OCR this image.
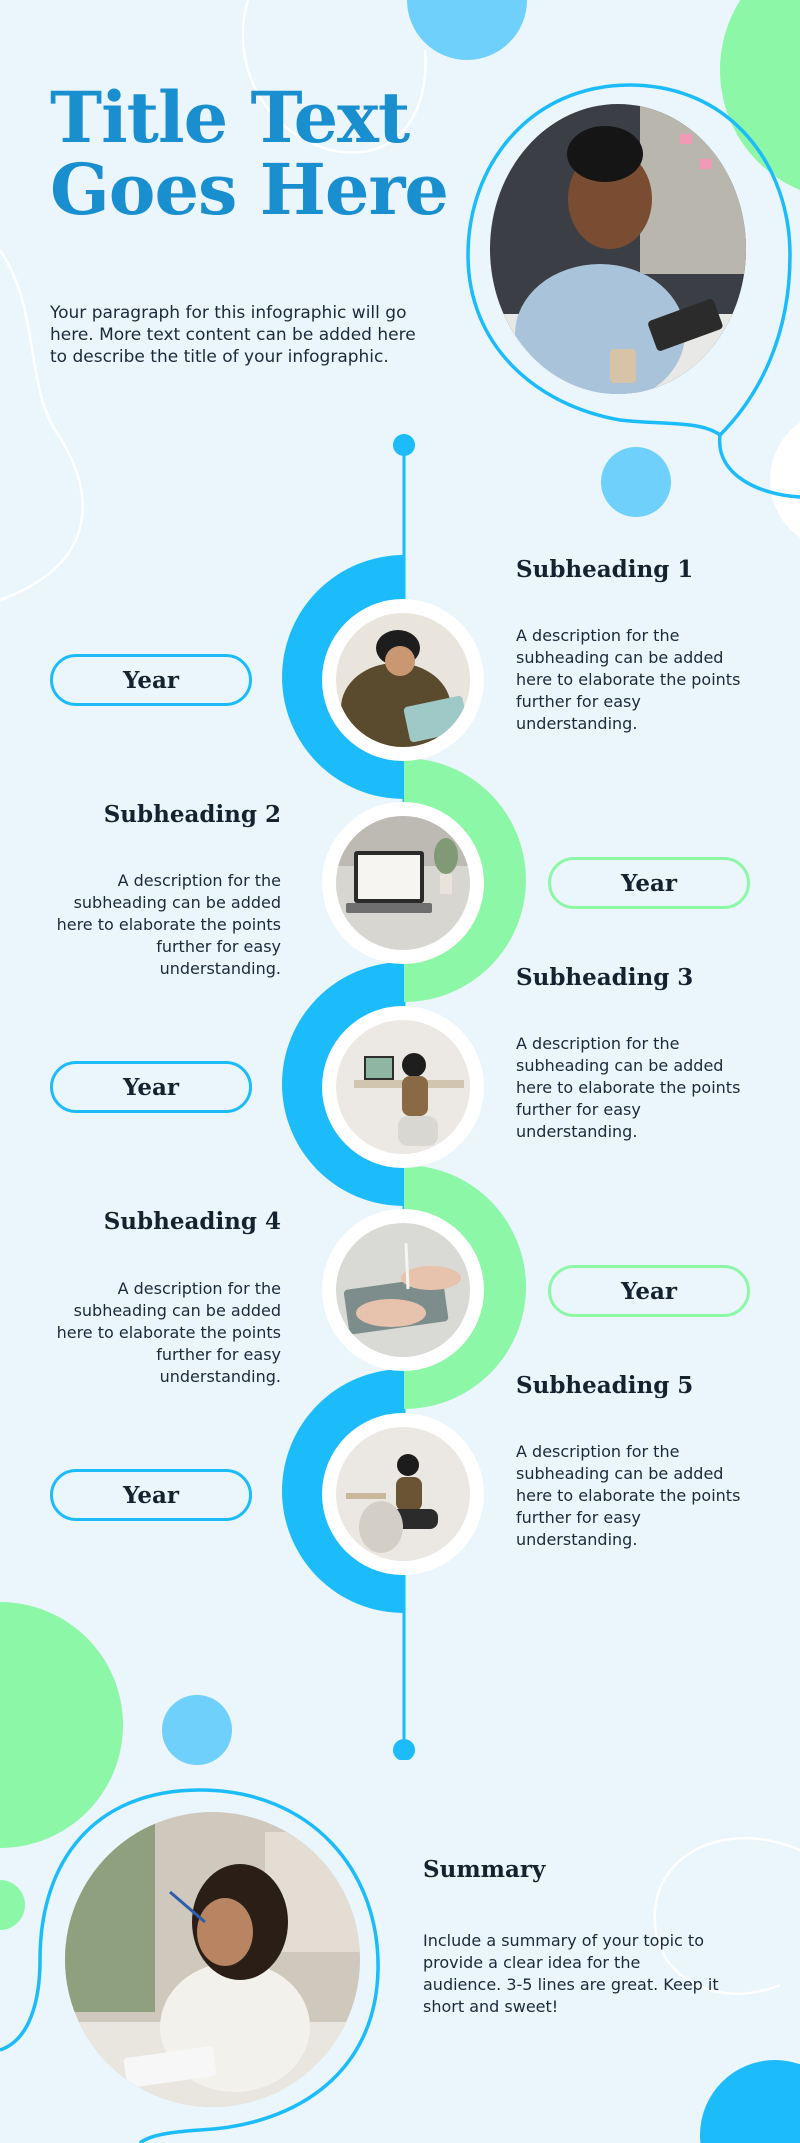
Title Text Goes Here

Your paragraph for this infographic will go here. More text content can be added here to describe the title of your infographic.

Year
Year
Year
Year
Year
Subheading 1

A description for the subheading can be added here to elaborate the points further for easy understanding.

Subheading 2

A description for the subheading can be added here to elaborate the points further for easy understanding.	Subheading 3

A description for the subheading can be added here to elaborate the points further for easy understanding.

Subheading 4

A description for the subheading can be added here to elaborate the points further for easy understanding.	Subheading 5

A description for the subheading can be added here to elaborate the points further for easy understanding.

Summary

Include a summary of your topic to provide a clear idea for the audience. 3-5 lines are great. Keep it short and sweet!
